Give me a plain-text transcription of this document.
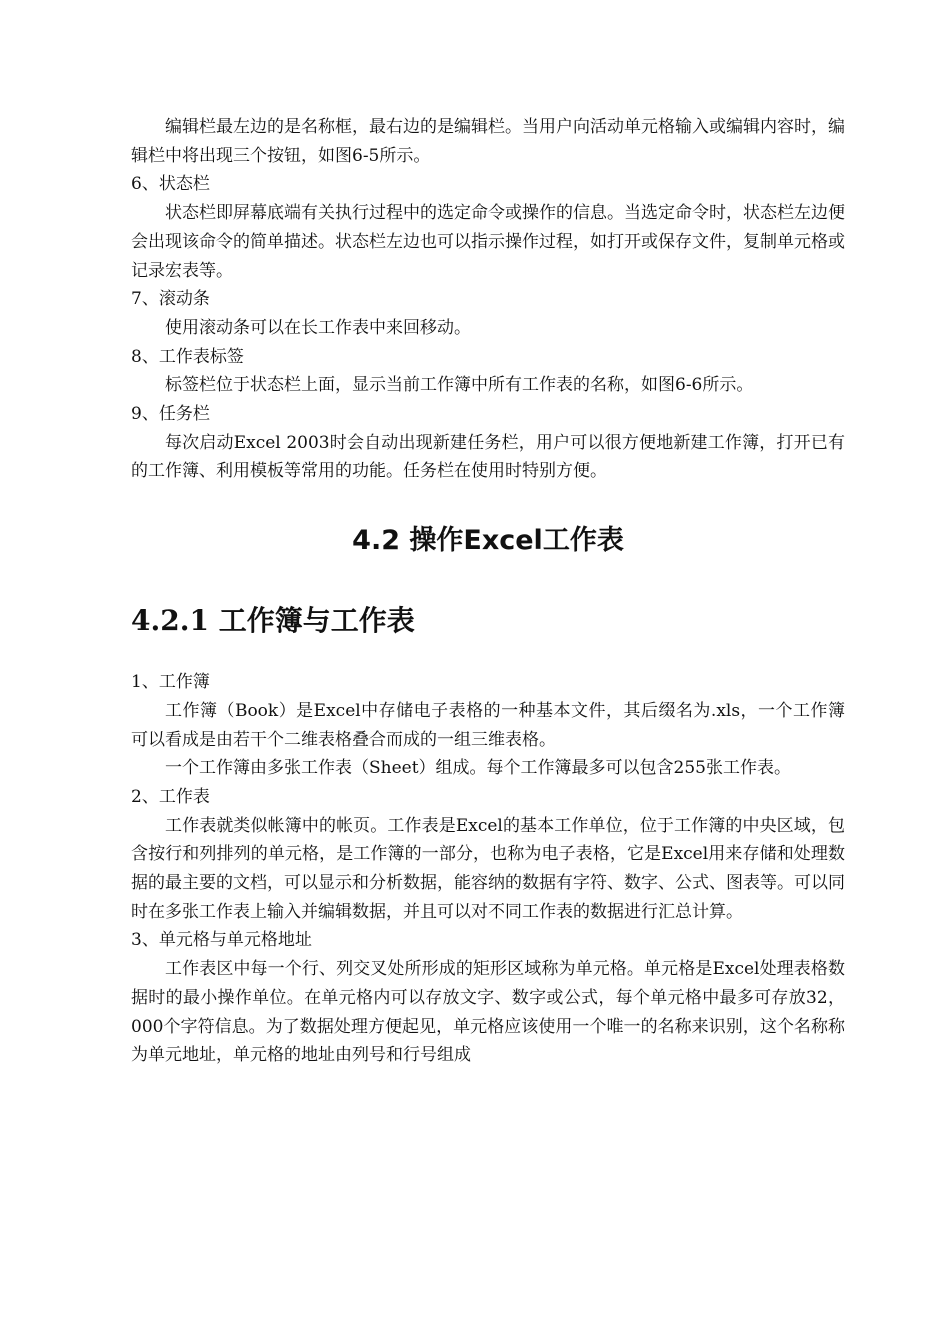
编辑栏最左边的是名称框，最右边的是编辑栏。当用户向活动单元格输入或编辑内容时，编辑栏中将出现三个按钮，如图6-5所示。

6、状态栏

状态栏即屏幕底端有关执行过程中的选定命令或操作的信息。当选定命令时，状态栏左边便会出现该命令的简单描述。状态栏左边也可以指示操作过程，如打开或保存文件，复制单元格或记录宏表等。

7、滚动条

使用滚动条可以在长工作表中来回移动。

8、工作表标签

标签栏位于状态栏上面，显示当前工作簿中所有工作表的名称，如图6-6所示。

9、任务栏

每次启动Excel 2003时会自动出现新建任务栏，用户可以很方便地新建工作簿，打开已有的工作簿、利用模板等常用的功能。任务栏在使用时特别方便。

4.2 操作Excel工作表
4.2.1 工作簿与工作表

1、工作簿

工作簿（Book）是Excel中存储电子表格的一种基本文件，其后缀名为.xls，一个工作簿可以看成是由若干个二维表格叠合而成的一组三维表格。

一个工作簿由多张工作表（Sheet）组成。每个工作簿最多可以包含255张工作表。

2、工作表

工作表就类似帐簿中的帐页。工作表是Excel的基本工作单位，位于工作簿的中央区域，包含按行和列排列的单元格，是工作簿的一部分，也称为电子表格，它是Excel用来存储和处理数据的最主要的文档，可以显示和分析数据，能容纳的数据有字符、数字、公式、图表等。可以同时在多张工作表上输入并编辑数据，并且可以对不同工作表的数据进行汇总计算。

3、单元格与单元格地址

工作表区中每一个行、列交叉处所形成的矩形区域称为单元格。单元格是Excel处理表格数据时的最小操作单位。在单元格内可以存放文字、数字或公式，每个单元格中最多可存放32， 000个字符信息。为了数据处理方便起见，单元格应该使用一个唯一的名称来识别，这个名称称为单元地址，单元格的地址由列号和行号组成
